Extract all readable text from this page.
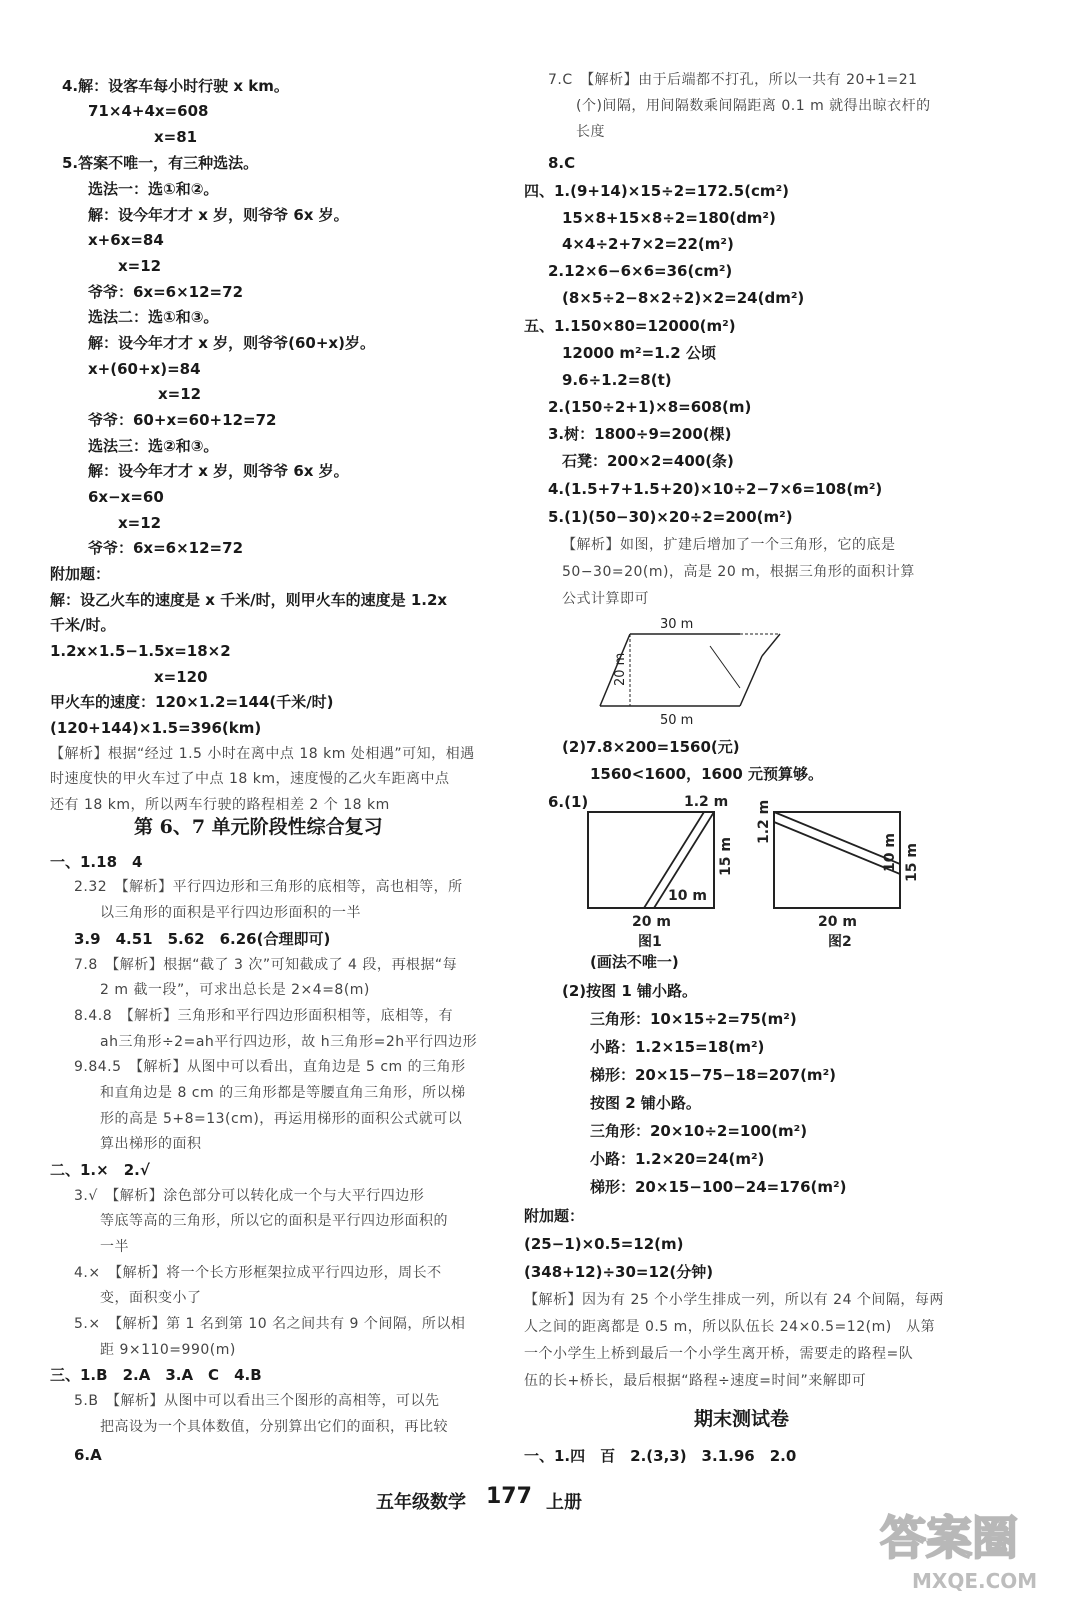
4.解：设客车每小时行驶 x km。
71×4+4x=608
x=81
5.答案不唯一，有三种选法。
选法一：选①和②。
解：设今年才才 x 岁，则爷爷 6x 岁。
x+6x=84
x=12
爷爷：6x=6×12=72
选法二：选①和③。
解：设今年才才 x 岁，则爷爷(60+x)岁。
x+(60+x)=84
x=12
爷爷：60+x=60+12=72
选法三：选②和③。
解：设今年才才 x 岁，则爷爷 6x 岁。
6x−x=60
x=12
爷爷：6x=6×12=72
附加题：
解：设乙火车的速度是 x 千米/时，则甲火车的速度是 1.2x
千米/时。
1.2x×1.5−1.5x=18×2
x=120
甲火车的速度：120×1.2=144(千米/时)
(120+144)×1.5=396(km)
【解析】根据“经过 1.5 小时在离中点 18 km 处相遇”可知，相遇
时速度快的甲火车过了中点 18 km，速度慢的乙火车距离中点
还有 18 km，所以两车行驶的路程相差 2 个 18 km
一、1.18　4
2.32　【解析】平行四边形和三角形的底相等，高也相等，所
以三角形的面积是平行四边形面积的一半
3.9　4.51　5.62　6.26(合理即可)
7.8　【解析】根据“截了 3 次”可知截成了 4 段，再根据“每
2 m 截一段”，可求出总长是 2×4=8(m)
8.4.8　【解析】三角形和平行四边形面积相等，底相等，有
ah三角形÷2=ah平行四边形，故 h三角形=2h平行四边形
9.84.5　【解析】从图中可以看出，直角边是 5 cm 的三角形
和直角边是 8 cm 的三角形都是等腰直角三角形，所以梯
形的高是 5+8=13(cm)，再运用梯形的面积公式就可以
算出梯形的面积
二、1.×　2.√
3.√　【解析】涂色部分可以转化成一个与大平行四边形
等底等高的三角形，所以它的面积是平行四边形面积的
一半
4.×　【解析】将一个长方形框架拉成平行四边形，周长不
变，面积变小了
5.×　【解析】第 1 名到第 10 名之间共有 9 个间隔，所以相
距 9×110=990(m)
三、1.B　2.A　3.A　C　4.B
5.B　【解析】从图中可以看出三个图形的高相等，可以先
把高设为一个具体数值，分别算出它们的面积，再比较
6.A
第 6、7 单元阶段性综合复习
30 m
20 m
50 m
1.2 m
15 m
10 m
20 m
图1
1.2 m
10 m 15 m
20 m
图2
7.C　【解析】由于后端都不打孔，所以一共有 20+1=21
(个)间隔，用间隔数乘间隔距离 0.1 m 就得出晾衣杆的
长度
8.C
四、1.(9+14)×15÷2=172.5(cm²)
15×8+15×8÷2=180(dm²)
4×4÷2+7×2=22(m²)
2.12×6−6×6=36(cm²)
(8×5÷2−8×2÷2)×2=24(dm²)
五、1.150×80=12000(m²)
12000 m²=1.2 公顷
9.6÷1.2=8(t)
2.(150÷2+1)×8=608(m)
3.树：1800÷9=200(棵)
石凳：200×2=400(条)
4.(1.5+7+1.5+20)×10÷2−7×6=108(m²)
5.(1)(50−30)×20÷2=200(m²)
【解析】如图，扩建后增加了一个三角形，它的底是
50−30=20(m)，高是 20 m，根据三角形的面积计算
公式计算即可
(2)7.8×200=1560(元)
1560<1600，1600 元预算够。
6.(1)
(画法不唯一)
(2)按图 1 铺小路。
三角形：10×15÷2=75(m²)
小路：1.2×15=18(m²)
梯形：20×15−75−18=207(m²)
按图 2 铺小路。
三角形：20×10÷2=100(m²)
小路：1.2×20=24(m²)
梯形：20×15−100−24=176(m²)
附加题：
(25−1)×0.5=12(m)
(348+12)÷30=12(分钟)
【解析】因为有 25 个小学生排成一列，所以有 24 个间隔，每两
人之间的距离都是 0.5 m，所以队伍长 24×0.5=12(m)　从第
一个小学生上桥到最后一个小学生离开桥，需要走的路程=队
伍的长+桥长，最后根据“路程÷速度=时间”来解即可
一、1.四　百　2.(3,3)　3.1.96　2.0
期末测试卷
五年级数学 177 上册
答案圈
MXQE.COM
